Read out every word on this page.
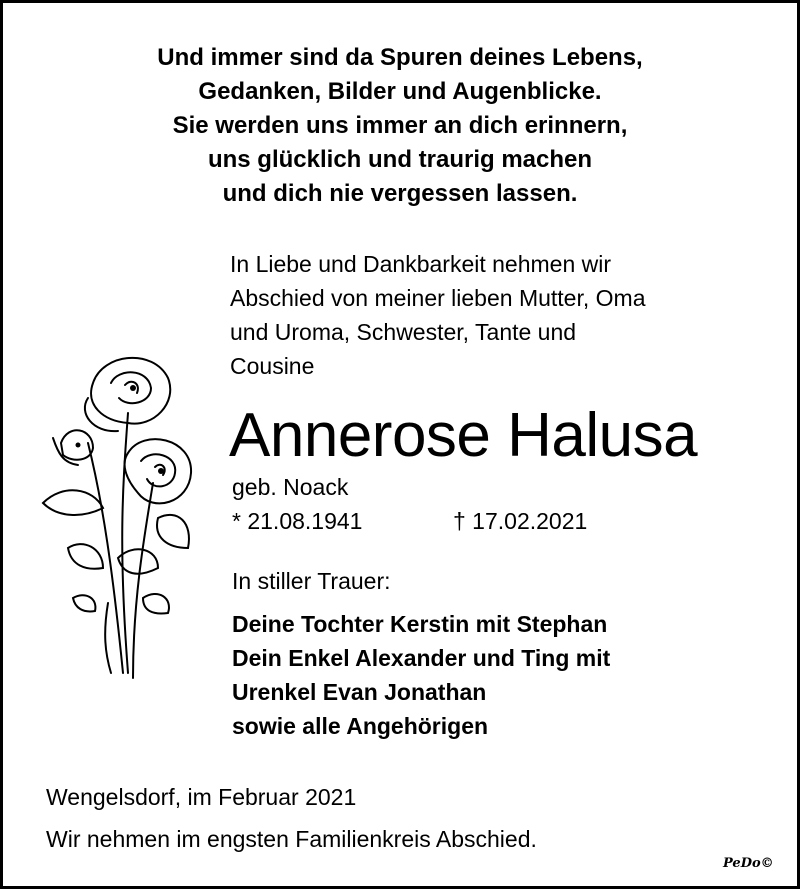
Und immer sind da Spuren deines Lebens,
Gedanken, Bilder und Augenblicke.
Sie werden uns immer an dich erinnern,
uns glücklich und traurig machen
und dich nie vergessen lassen.
In Liebe und Dankbarkeit nehmen wir
Abschied von meiner lieben Mutter, Oma
und Uroma, Schwester, Tante und
Cousine
Annerose Halusa
geb. Noack
* 21.08.1941	† 17.02.2021
In stiller Trauer:
Deine Tochter Kerstin mit Stephan
Dein Enkel Alexander und Ting mit
Urenkel Evan Jonathan
sowie alle Angehörigen
Wengelsdorf, im Februar 2021
Wir nehmen im engsten Familienkreis Abschied.
PeDo©
